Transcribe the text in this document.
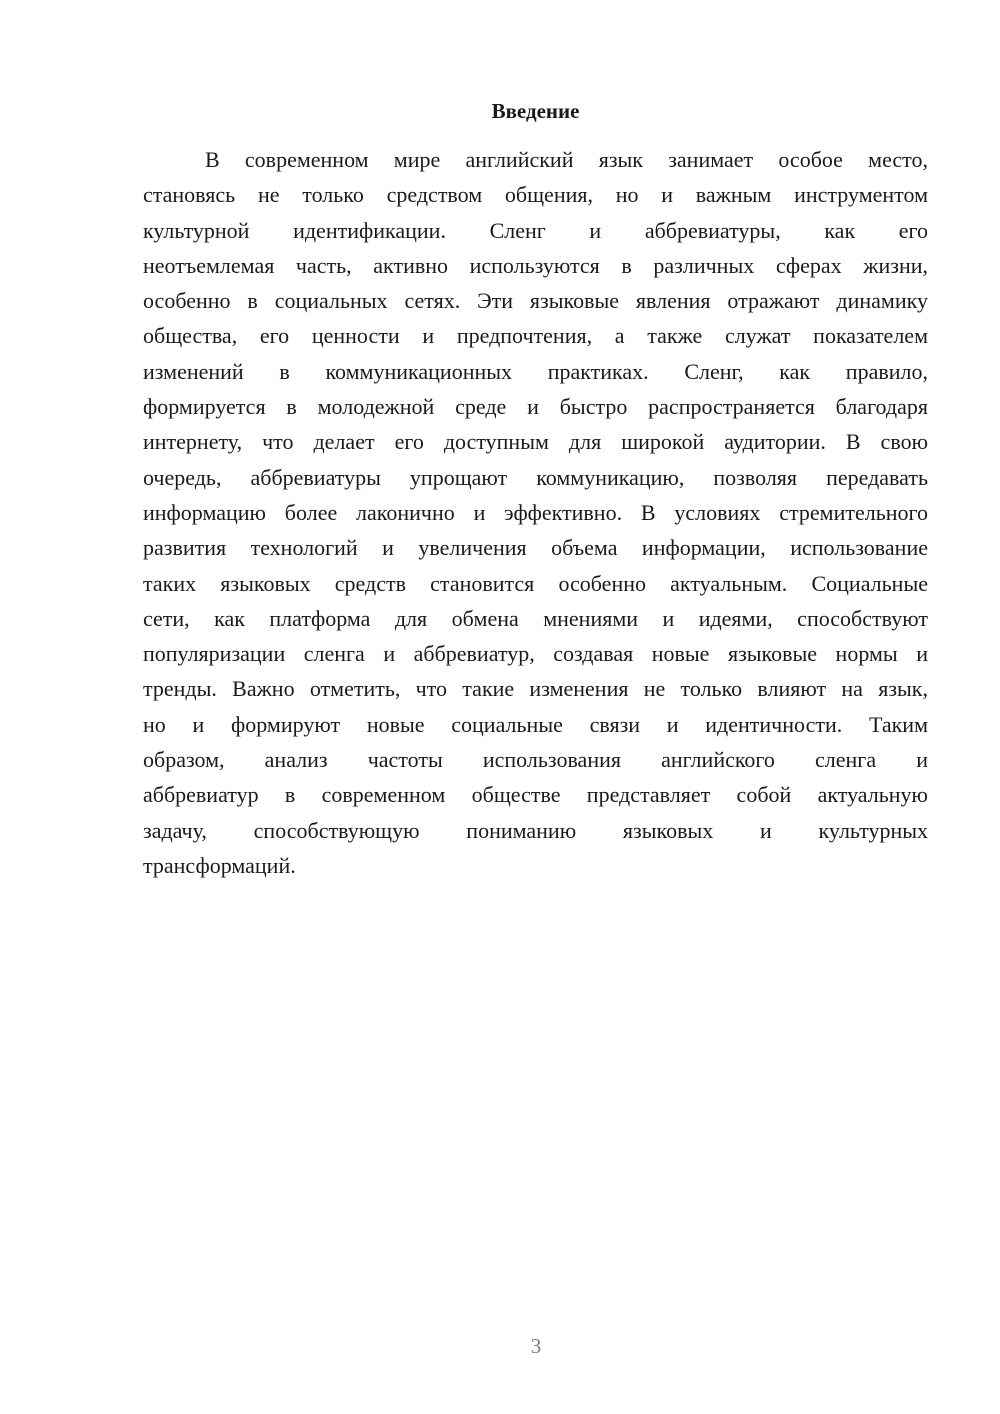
Введение

В современном мире английский язык занимает особое место,
становясь не только средством общения, но и важным инструментом
культурной идентификации. Сленг и аббревиатуры, как его
неотъемлемая часть, активно используются в различных сферах жизни,
особенно в социальных сетях. Эти языковые явления отражают динамику
общества, его ценности и предпочтения, а также служат показателем
изменений в коммуникационных практиках. Сленг, как правило,
формируется в молодежной среде и быстро распространяется благодаря
интернету, что делает его доступным для широкой аудитории. В свою
очередь, аббревиатуры упрощают коммуникацию, позволяя передавать
информацию более лаконично и эффективно. В условиях стремительного
развития технологий и увеличения объема информации, использование
таких языковых средств становится особенно актуальным. Социальные
сети, как платформа для обмена мнениями и идеями, способствуют
популяризации сленга и аббревиатур, создавая новые языковые нормы и
тренды. Важно отметить, что такие изменения не только влияют на язык,
но и формируют новые социальные связи и идентичности. Таким
образом, анализ частоты использования английского сленга и
аббревиатур в современном обществе представляет собой актуальную
задачу, способствующую пониманию языковых и культурных
трансформаций.

3
